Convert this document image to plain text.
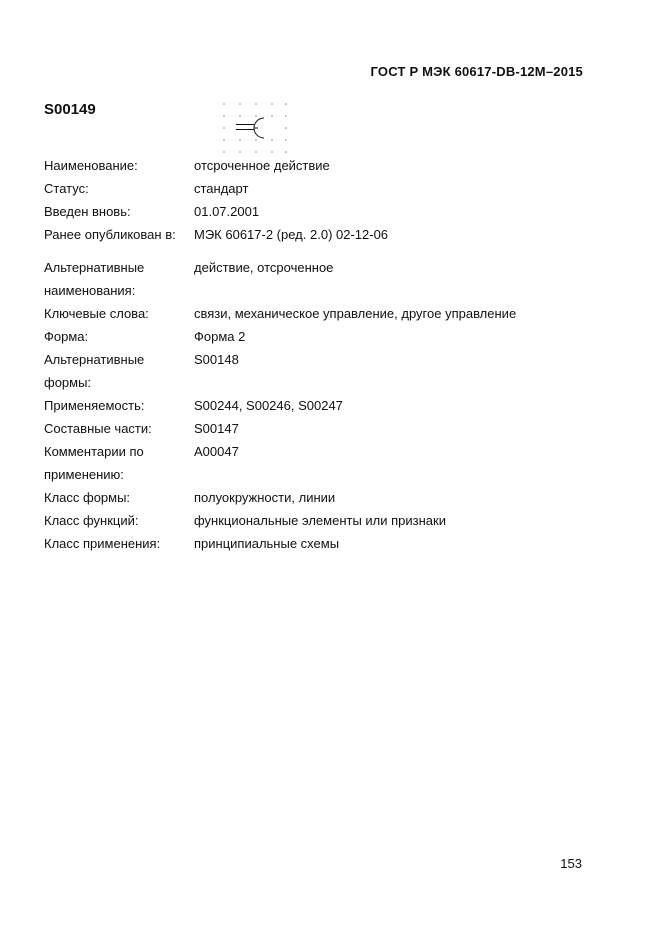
ГОСТ Р МЭК 60617-DB-12M–2015
S00149
Наименование:	отсроченное действие
Статус:	стандарт
Введен вновь:	01.07.2001
Ранее опубликован в:	МЭК 60617-2 (ред. 2.0) 02-12-06
Альтернативные наименования:
действие, отсроченное
Ключевые слова:	связи, механическое управление, другое управление
Форма:	Форма 2
Альтернативные формы:
S00148
Применяемость:	S00244, S00246, S00247
Составные части:	S00147
Комментарии по применению:
A00047
Класс формы:	полуокружности, линии
Класс функций:	функциональные элементы или признаки
Класс применения:	принципиальные схемы
153
